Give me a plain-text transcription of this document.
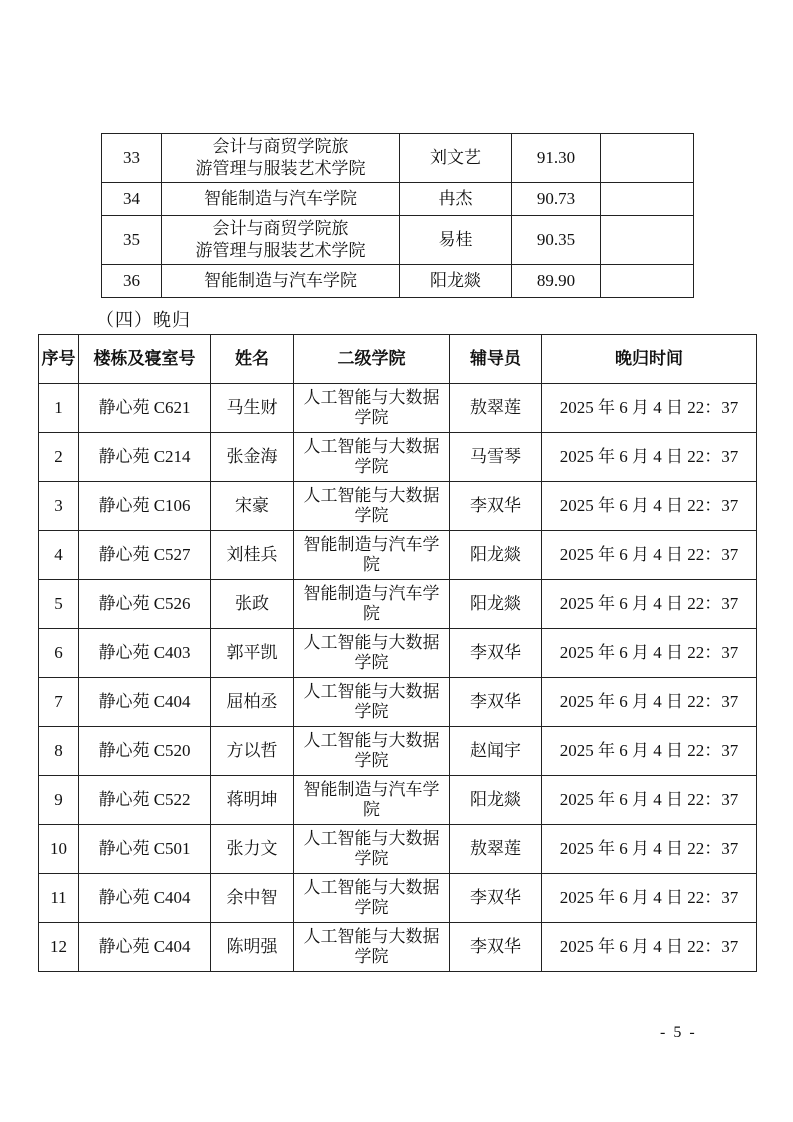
33	会计与商贸学院旅
游管理与服装艺术学院	刘文艺	91.30	
34	智能制造与汽车学院	冉杰	90.73	
35	会计与商贸学院旅
游管理与服装艺术学院	易桂	90.35	
36	智能制造与汽车学院	阳龙燚	89.90	
（四）晚归
序号	楼栋及寝室号	姓名	二级学院	辅导员	晚归时间
1	静心苑 C621	马生财	人工智能与大数据学院	敖翠莲	2025 年 6 月 4 日 22：37
2	静心苑 C214	张金海	人工智能与大数据学院	马雪琴	2025 年 6 月 4 日 22：37
3	静心苑 C106	宋豪	人工智能与大数据学院	李双华	2025 年 6 月 4 日 22：37
4	静心苑 C527	刘桂兵	智能制造与汽车学院	阳龙燚	2025 年 6 月 4 日 22：37
5	静心苑 C526	张政	智能制造与汽车学院	阳龙燚	2025 年 6 月 4 日 22：37
6	静心苑 C403	郭平凯	人工智能与大数据学院	李双华	2025 年 6 月 4 日 22：37
7	静心苑 C404	屈柏丞	人工智能与大数据学院	李双华	2025 年 6 月 4 日 22：37
8	静心苑 C520	方以哲	人工智能与大数据学院	赵闻宇	2025 年 6 月 4 日 22：37
9	静心苑 C522	蒋明坤	智能制造与汽车学院	阳龙燚	2025 年 6 月 4 日 22：37
10	静心苑 C501	张力文	人工智能与大数据学院	敖翠莲	2025 年 6 月 4 日 22：37
11	静心苑 C404	余中智	人工智能与大数据学院	李双华	2025 年 6 月 4 日 22：37
12	静心苑 C404	陈明强	人工智能与大数据学院	李双华	2025 年 6 月 4 日 22：37
- 5 -
